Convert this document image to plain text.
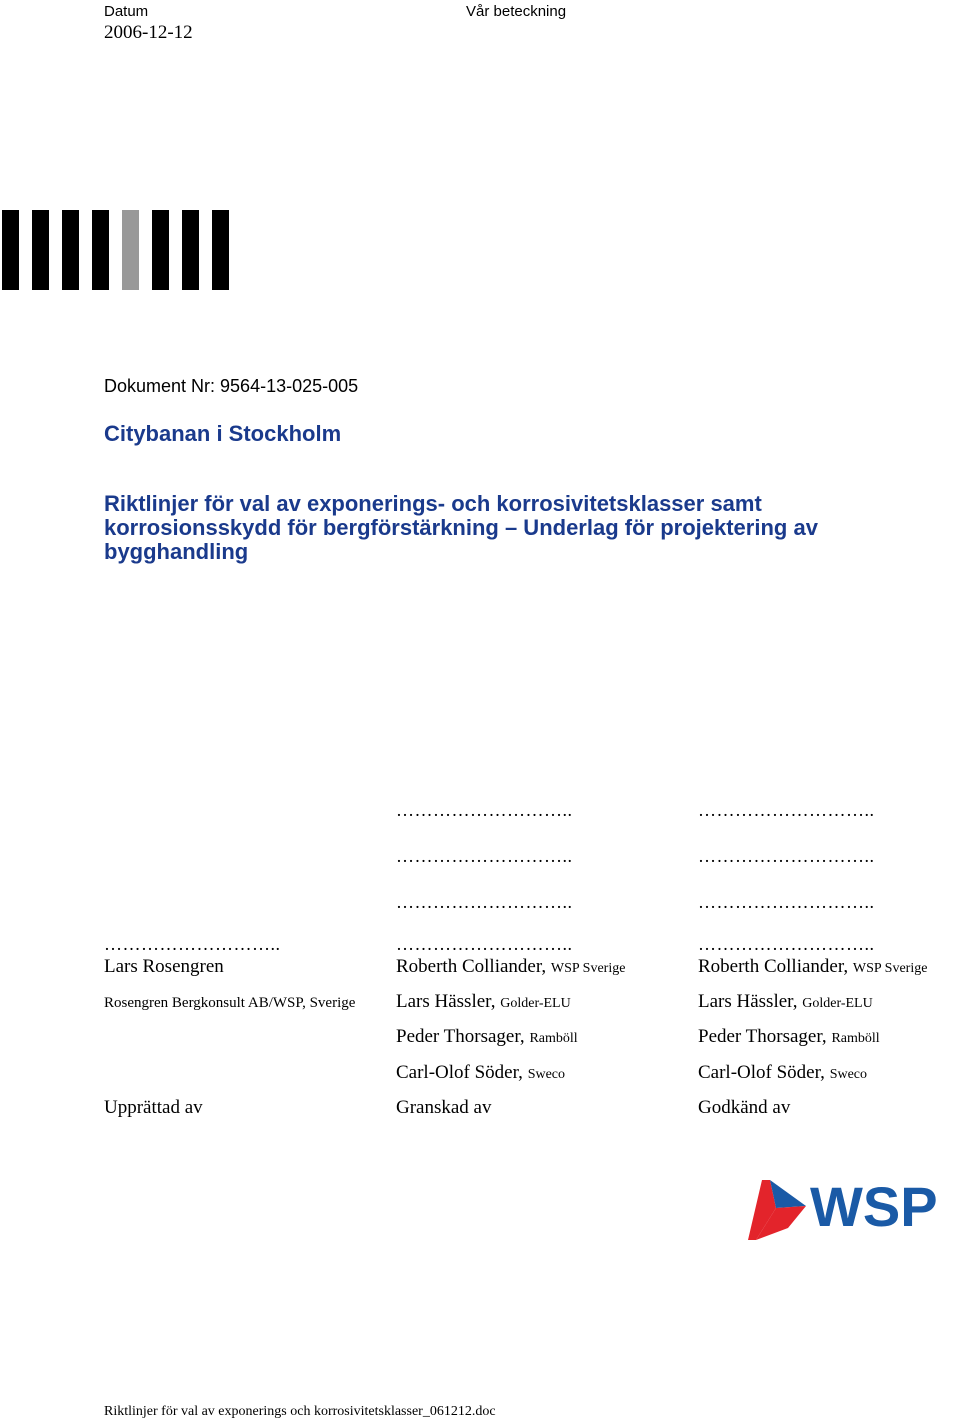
Datum
2006-12-12
Vår beteckning
Dokument Nr: 9564-13-025-005
Citybanan i Stockholm
Riktlinjer för val av exponerings- och korrosivitetsklasser samt
korrosionsskydd för bergförstärkning – Underlag för projektering av
bygghandling
………………………..
………………………..
………………………..
………………………..
………………………..
………………………..
………………………..
………………………..
………………………..
Lars Rosengren
Rosengren Bergkonsult AB/WSP, Sverige
Upprättad av
Roberth Colliander, WSP Sverige
Lars Hässler, Golder-ELU
Peder Thorsager, Ramböll
Carl-Olof Söder, Sweco
Granskad av
Roberth Colliander, WSP Sverige
Lars Hässler, Golder-ELU
Peder Thorsager, Ramböll
Carl-Olof Söder, Sweco
Godkänd av
WSP
Riktlinjer för val av exponerings och korrosivitetsklasser_061212.doc
